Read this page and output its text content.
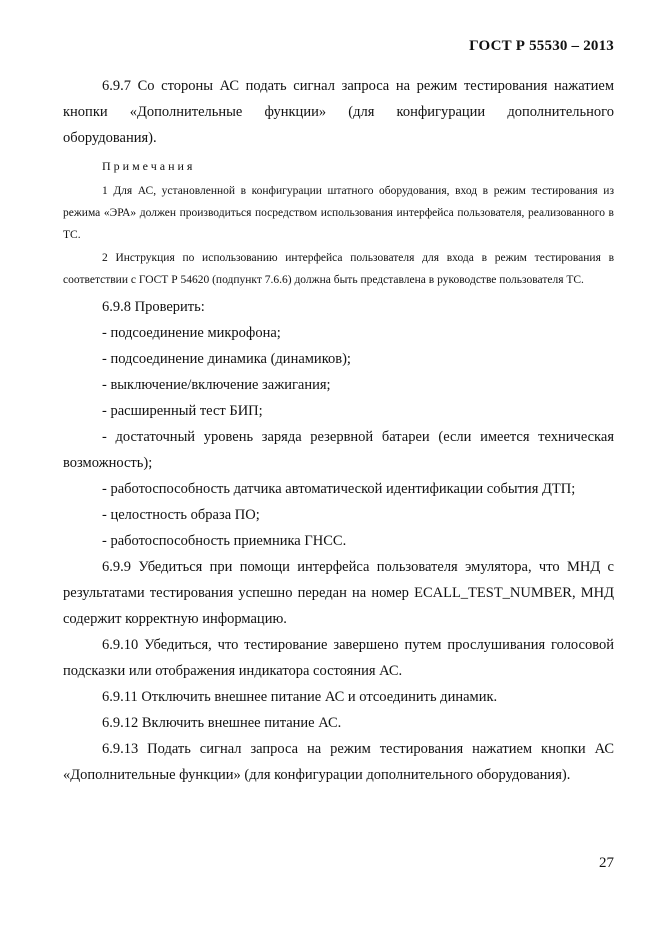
ГОСТ Р 55530 – 2013

6.9.7 Со стороны АС подать сигнал запроса на режим тестирования нажатием кнопки «Дополнительные функции» (для конфигурации дополнительного оборудования).

Примечания

1 Для АС, установленной в конфигурации штатного оборудования, вход в режим тестирования из режима «ЭРА» должен производиться посредством использования интерфейса пользователя, реализованного в ТС.

2 Инструкция по использованию интерфейса пользователя для входа в режим тестирования в соответствии с ГОСТ Р 54620 (подпункт 7.6.6) должна быть представлена в руководстве пользователя ТС.

6.9.8 Проверить:

- подсоединение микрофона;

- подсоединение динамика (динамиков);

- выключение/включение зажигания;

- расширенный тест БИП;

- достаточный уровень заряда резервной батареи (если имеется техническая возможность);

- работоспособность датчика автоматической идентификации события ДТП;

- целостность образа ПО;

- работоспособность приемника ГНСС.

6.9.9 Убедиться при помощи интерфейса пользователя эмулятора, что МНД с результатами тестирования успешно передан на номер ECALL_TEST_NUMBER, МНД содержит корректную информацию.

6.9.10 Убедиться, что тестирование завершено путем прослушивания голосовой подсказки или отображения индикатора состояния АС.

6.9.11 Отключить внешнее питание АС и отсоединить динамик.

6.9.12 Включить внешнее питание АС.

6.9.13 Подать сигнал запроса на режим тестирования нажатием кнопки АС «Дополнительные функции» (для конфигурации дополнительного оборудования).

27
